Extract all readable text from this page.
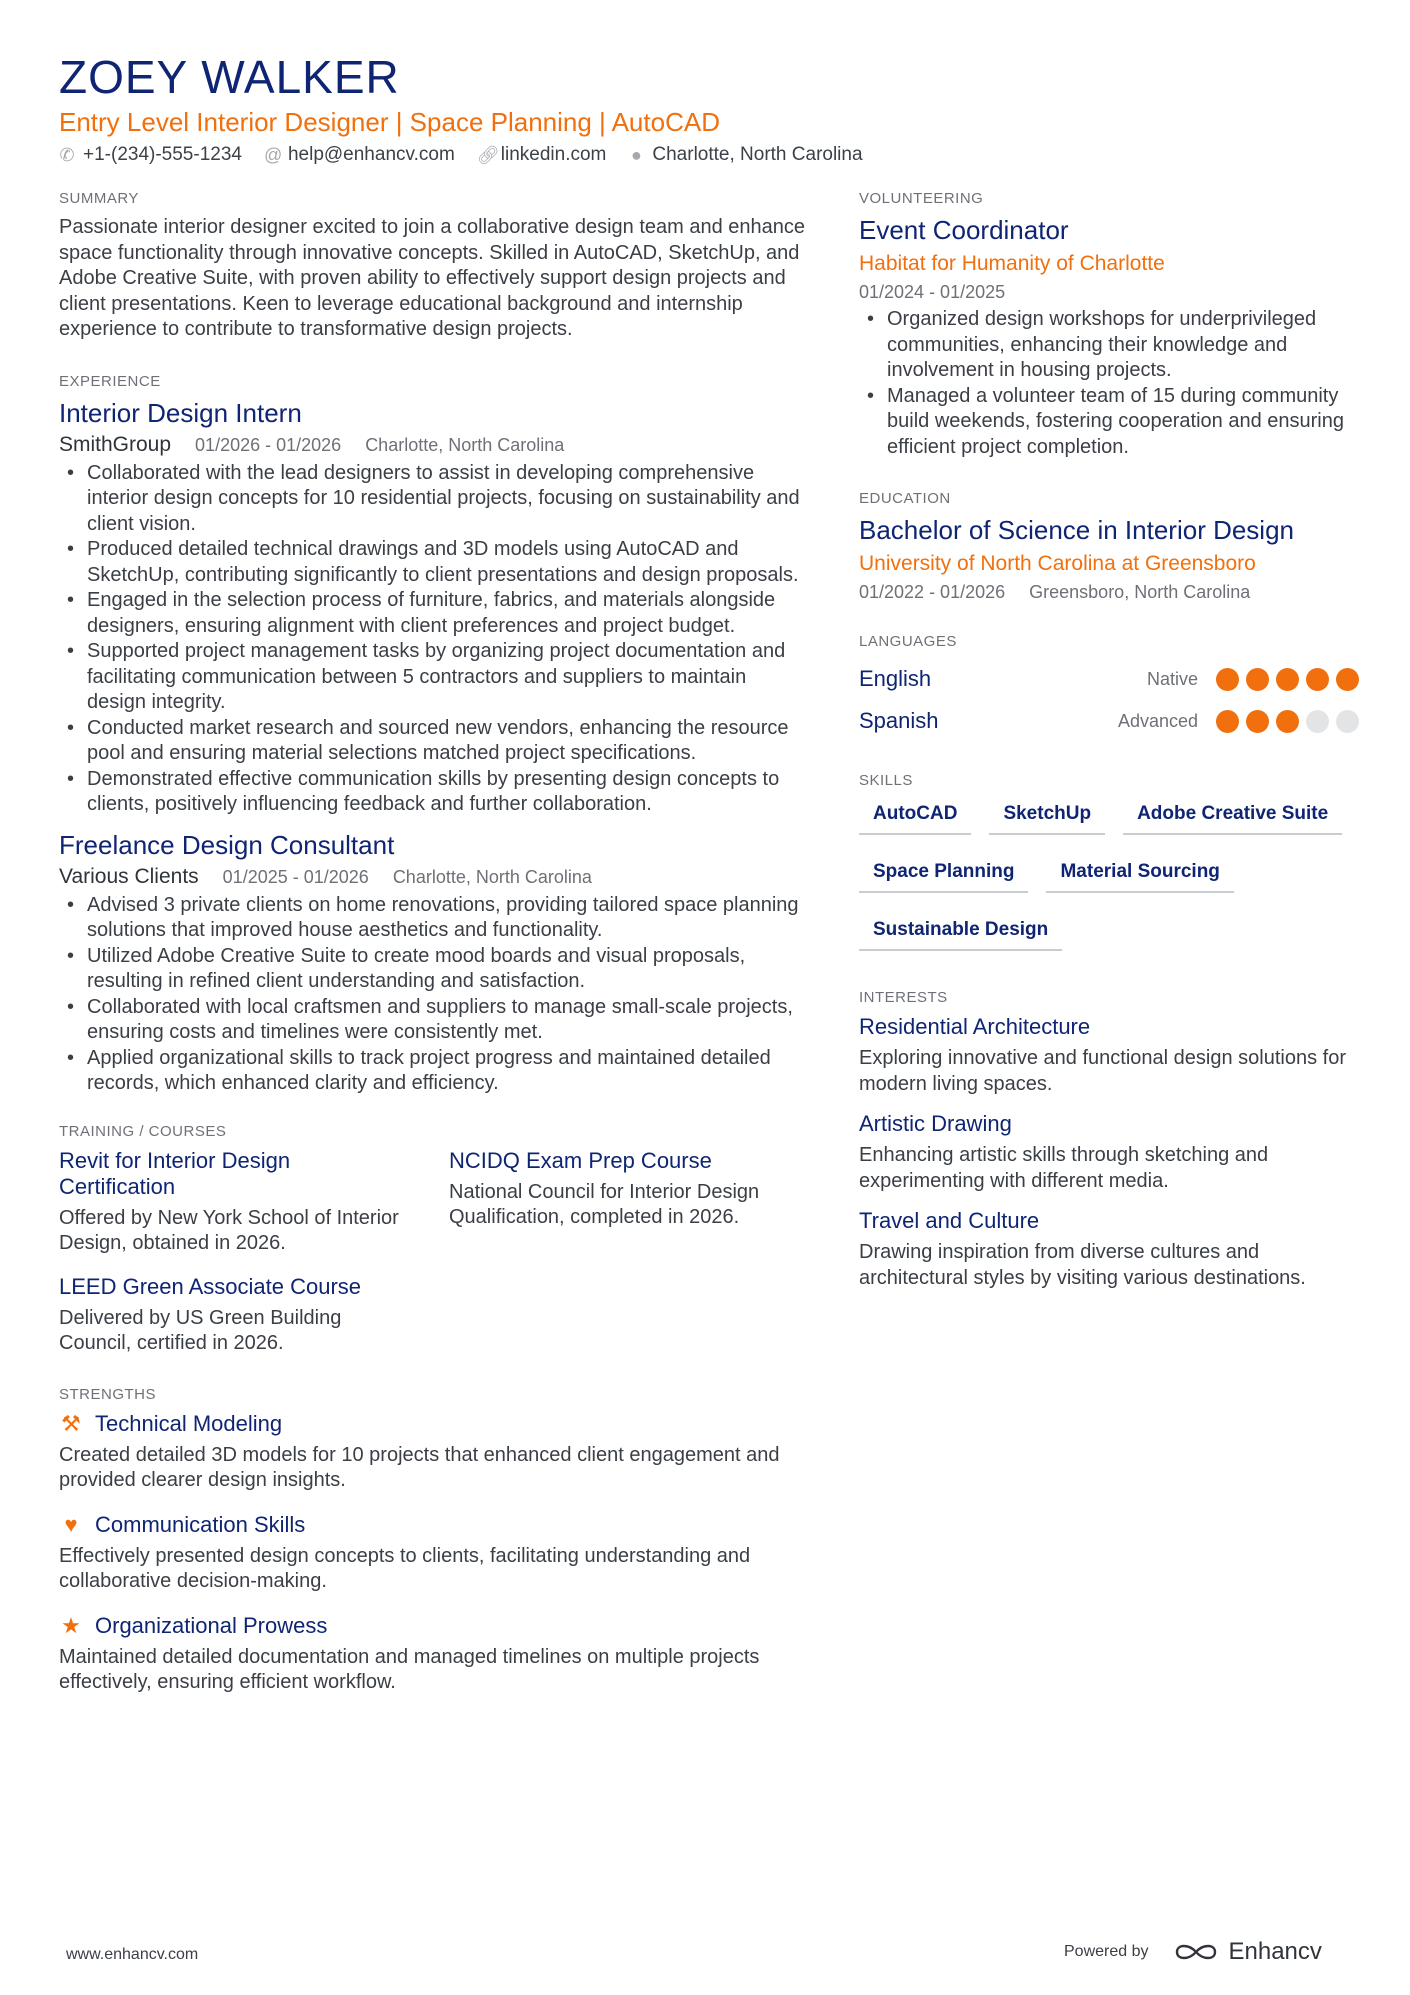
ZOEY WALKER
Entry Level Interior Designer | Space Planning | AutoCAD
✆ +1-(234)-555-1234 @ help@enhancv.com 🔗︎ linkedin.com ● Charlotte, North Carolina
SUMMARY
Passionate interior designer excited to join a collaborative design team and enhance space functionality through innovative concepts. Skilled in AutoCAD, SketchUp, and Adobe Creative Suite, with proven ability to effectively support design projects and client presentations. Keen to leverage educational background and internship experience to contribute to transformative design projects.
EXPERIENCE
Interior Design Intern
SmithGroup 01/2026 - 01/2026 Charlotte, North Carolina
• Collaborated with the lead designers to assist in developing comprehensive interior design concepts for 10 residential projects, focusing on sustainability and client vision.
• Produced detailed technical drawings and 3D models using AutoCAD and SketchUp, contributing significantly to client presentations and design proposals.
• Engaged in the selection process of furniture, fabrics, and materials alongside designers, ensuring alignment with client preferences and project budget.
• Supported project management tasks by organizing project documentation and facilitating communication between 5 contractors and suppliers to maintain design integrity.
• Conducted market research and sourced new vendors, enhancing the resource pool and ensuring material selections matched project specifications.
• Demonstrated effective communication skills by presenting design concepts to clients, positively influencing feedback and further collaboration.
Freelance Design Consultant
Various Clients 01/2025 - 01/2026 Charlotte, North Carolina
• Advised 3 private clients on home renovations, providing tailored space planning solutions that improved house aesthetics and functionality.
• Utilized Adobe Creative Suite to create mood boards and visual proposals, resulting in refined client understanding and satisfaction.
• Collaborated with local craftsmen and suppliers to manage small-scale projects, ensuring costs and timelines were consistently met.
• Applied organizational skills to track project progress and maintained detailed records, which enhanced clarity and efficiency.
TRAINING / COURSES
Revit for Interior Design Certification
Offered by New York School of Interior Design, obtained in 2026.
NCIDQ Exam Prep Course
National Council for Interior Design Qualification, completed in 2026.
LEED Green Associate Course
Delivered by US Green Building Council, certified in 2026.
STRENGTHS
⚒ Technical Modeling
Created detailed 3D models for 10 projects that enhanced client engagement and provided clearer design insights.
♥ Communication Skills
Effectively presented design concepts to clients, facilitating understanding and collaborative decision-making.
★ Organizational Prowess
Maintained detailed documentation and managed timelines on multiple projects effectively, ensuring efficient workflow.
VOLUNTEERING
Event Coordinator
Habitat for Humanity of Charlotte
01/2024 - 01/2025
• Organized design workshops for underprivileged communities, enhancing their knowledge and involvement in housing projects.
• Managed a volunteer team of 15 during community build weekends, fostering cooperation and ensuring efficient project completion.
EDUCATION
Bachelor of Science in Interior Design
University of North Carolina at Greensboro
01/2022 - 01/2026 Greensboro, North Carolina
LANGUAGES
English	Native
Spanish	Advanced
SKILLS
AutoCAD	SketchUp	Adobe Creative Suite
Space Planning	Material Sourcing
Sustainable Design
INTERESTS
Residential Architecture
Exploring innovative and functional design solutions for modern living spaces.
Artistic Drawing
Enhancing artistic skills through sketching and experimenting with different media.
Travel and Culture
Drawing inspiration from diverse cultures and architectural styles by visiting various destinations.
www.enhancv.com	Powered by	Enhancv
